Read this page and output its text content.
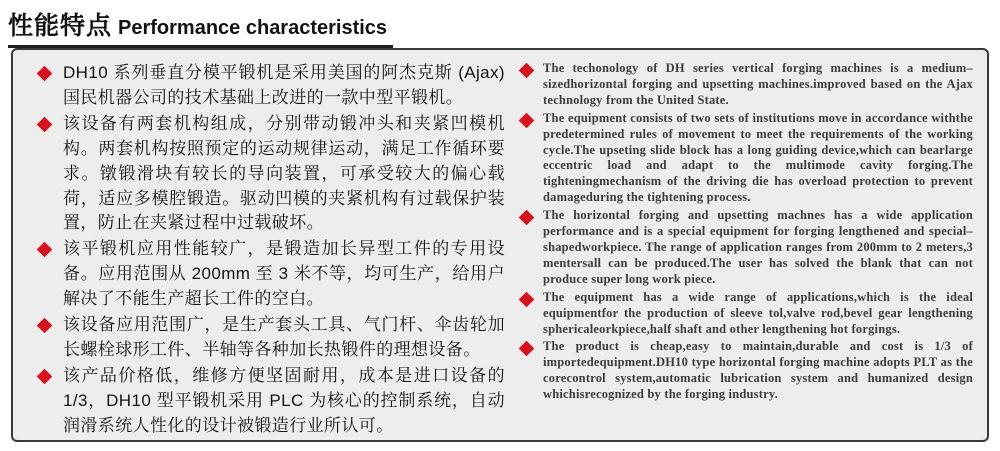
性能特点 Performance characteristics

DH10 系列垂直分模平锻机是采用美国的阿杰克斯 (Ajax) 国民机器公司的技术基础上改进的一款中型平锻机。

该设备有两套机构组成，分别带动锻冲头和夹紧凹模机构。两套机构按照预定的运动规律运动，满足工作循环要求。镦锻滑块有较长的导向装置，可承受较大的偏心载荷，适应多模腔锻造。驱动凹模的夹紧机构有过载保护装置，防止在夹紧过程中过载破坏。

该平锻机应用性能较广，是锻造加长异型工件的专用设备。应用范围从 200mm 至 3 米不等，均可生产，给用户解决了不能生产超长工件的空白。

该设备应用范围广，是生产套头工具、气门杆、伞齿轮加长螺栓球形工件、半轴等各种加长热锻件的理想设备。

该产品价格低，维修方便坚固耐用，成本是进口设备的 1/3，DH10 型平锻机采用 PLC 为核心的控制系统，自动润滑系统人性化的设计被锻造行业所认可。

The techonology of DH series vertical forging machines is a medium–sizedhorizontal forging and upsetting machines.improved based on the Ajax technology from the United State.

The equipment consists of two sets of institutions move in accordance withthe predetermined rules of movement to meet the requirements of the working cycle.The upseting slide block has a long guiding device,which can bearlarge eccentric load and adapt to the multimode cavity forging.The tighteningmechanism of the driving die has overload protection to prevent damageduring the tightening process.

The horizontal forging and upsetting machnes has a wide application performance and is a special equipment for forging lengthened and special–shapedworkpiece. The range of application ranges from 200mm to 2 meters,3 mentersall can be produced.The user has solved the blank that can not produce super long work piece.

The equipment has a wide range of applications,which is the ideal equipmentfor the production of sleeve tol,valve rod,bevel gear lengthening sphericaleorkpiece,half shaft and other lengthening hot forgings.

The product is cheap,easy to maintain,durable and cost is 1/3 of importedequipment.DH10 type horizontal forging machine adopts PLT as the corecontrol system,automatic lubrication system and humanized design whichisrecognized by the forging industry.
